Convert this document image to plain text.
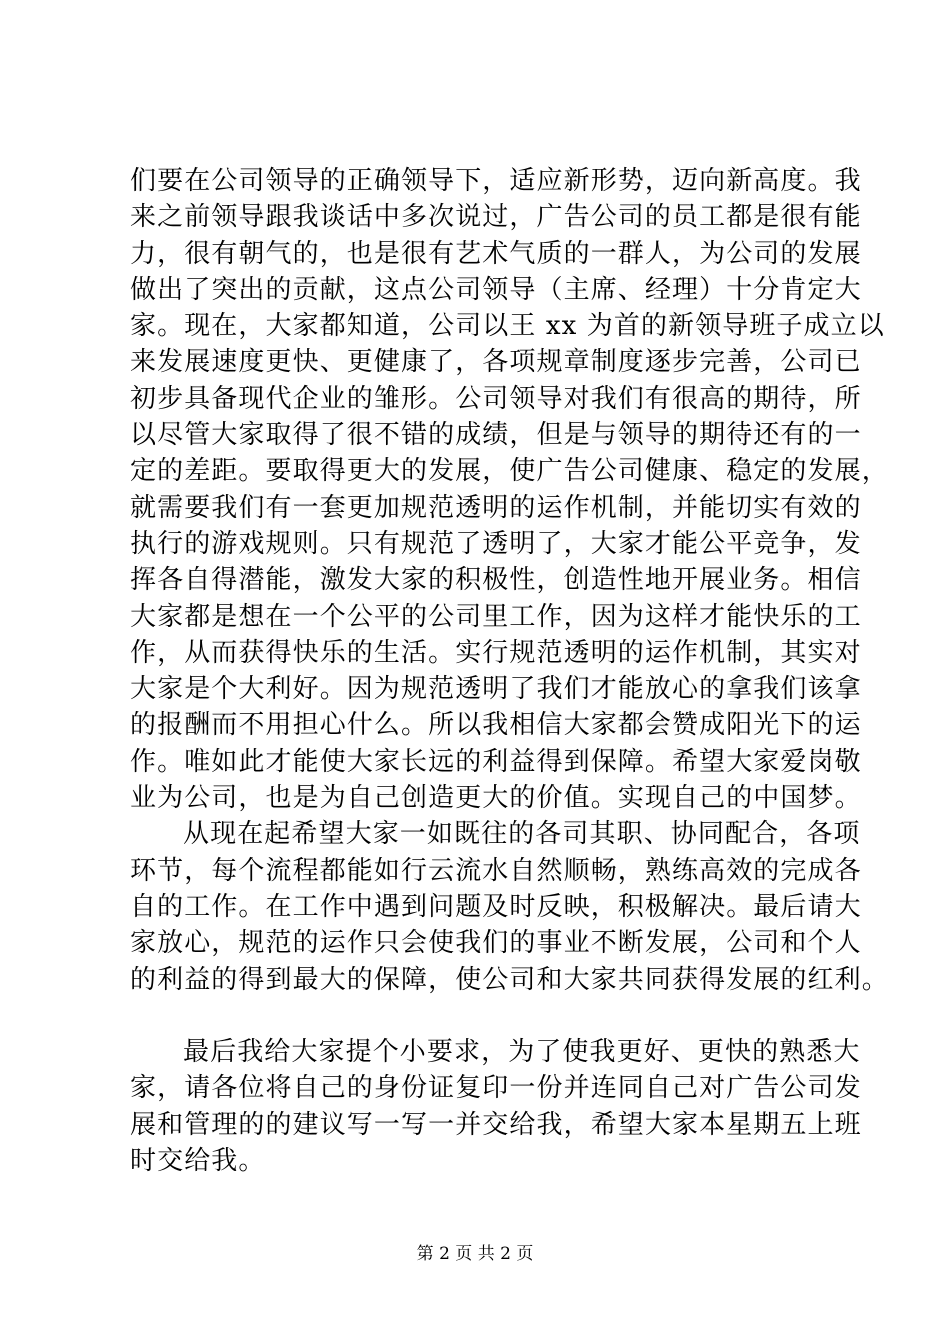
们要在公司领导的正确领导下，适应新形势，迈向新高度。我
来之前领导跟我谈话中多次说过，广告公司的员工都是很有能
力，很有朝气的，也是很有艺术气质的一群人，为公司的发展
做出了突出的贡献，这点公司领导（主席、经理）十分肯定大
家。现在，大家都知道，公司以王 xx 为首的新领导班子成立以
来发展速度更快、更健康了，各项规章制度逐步完善，公司已
初步具备现代企业的雏形。公司领导对我们有很高的期待，所
以尽管大家取得了很不错的成绩，但是与领导的期待还有的一
定的差距。要取得更大的发展，使广告公司健康、稳定的发展，
就需要我们有一套更加规范透明的运作机制，并能切实有效的
执行的游戏规则。只有规范了透明了，大家才能公平竞争，发
挥各自得潜能，激发大家的积极性，创造性地开展业务。相信
大家都是想在一个公平的公司里工作，因为这样才能快乐的工
作，从而获得快乐的生活。实行规范透明的运作机制，其实对
大家是个大利好。因为规范透明了我们才能放心的拿我们该拿
的报酬而不用担心什么。所以我相信大家都会赞成阳光下的运
作。唯如此才能使大家长远的利益得到保障。希望大家爱岗敬
业为公司，也是为自己创造更大的价值。实现自己的中国梦。
从现在起希望大家一如既往的各司其职、协同配合，各项
环节，每个流程都能如行云流水自然顺畅，熟练高效的完成各
自的工作。在工作中遇到问题及时反映，积极解决。最后请大
家放心，规范的运作只会使我们的事业不断发展，公司和个人
的利益的得到最大的保障，使公司和大家共同获得发展的红利。
最后我给大家提个小要求，为了使我更好、更快的熟悉大
家，请各位将自己的身份证复印一份并连同自己对广告公司发
展和管理的的建议写一写一并交给我，希望大家本星期五上班
时交给我。
第 2 页 共 2 页
